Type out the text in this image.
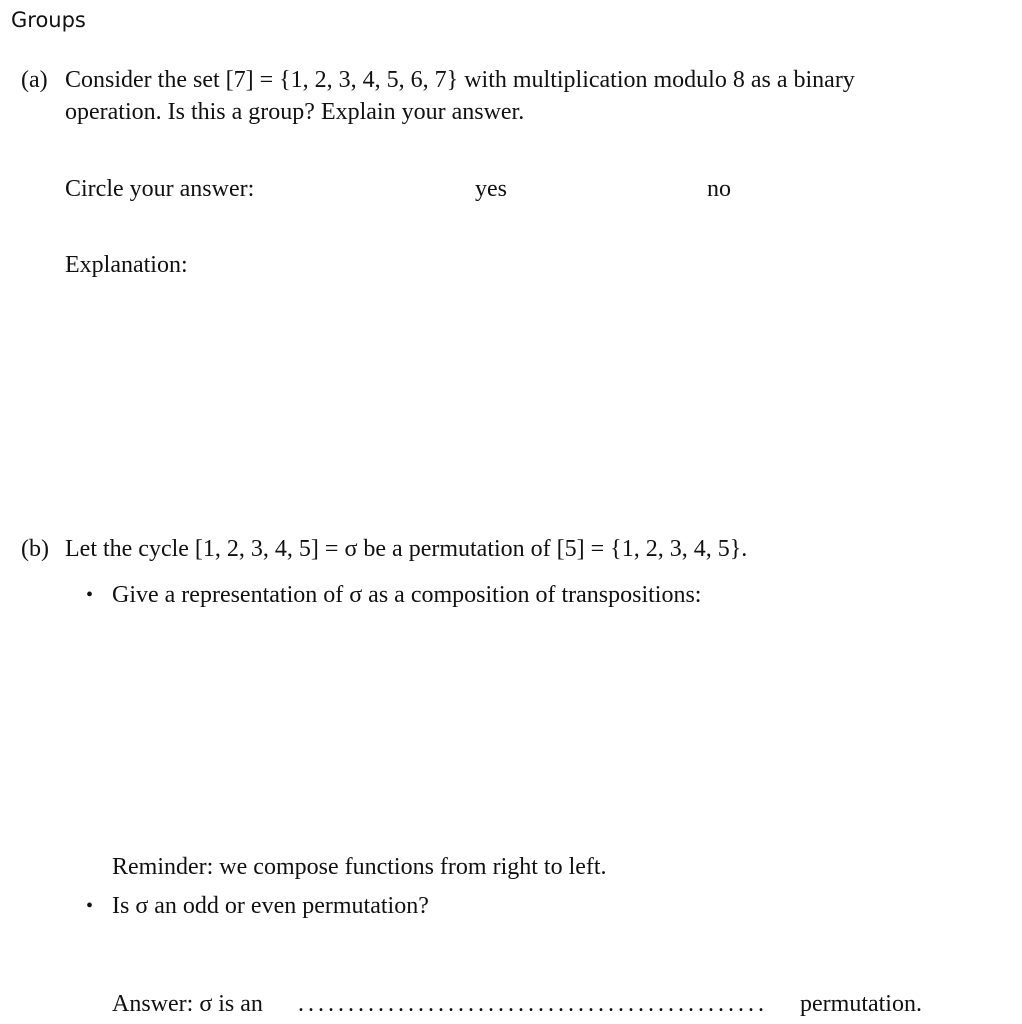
Groups
(a) Consider the set [7] = {1, 2, 3, 4, 5, 6, 7} with multiplication modulo 8 as a binary
operation. Is this a group? Explain your answer.
Circle your answer:	yes	no
Explanation:
(b) Let the cycle [1, 2, 3, 4, 5] = σ be a permutation of [5] = {1, 2, 3, 4, 5}.
• Give a representation of σ as a composition of transpositions:
Reminder: we compose functions from right to left.
• Is σ an odd or even permutation?
Answer: σ is an ...............................................	permutation.
